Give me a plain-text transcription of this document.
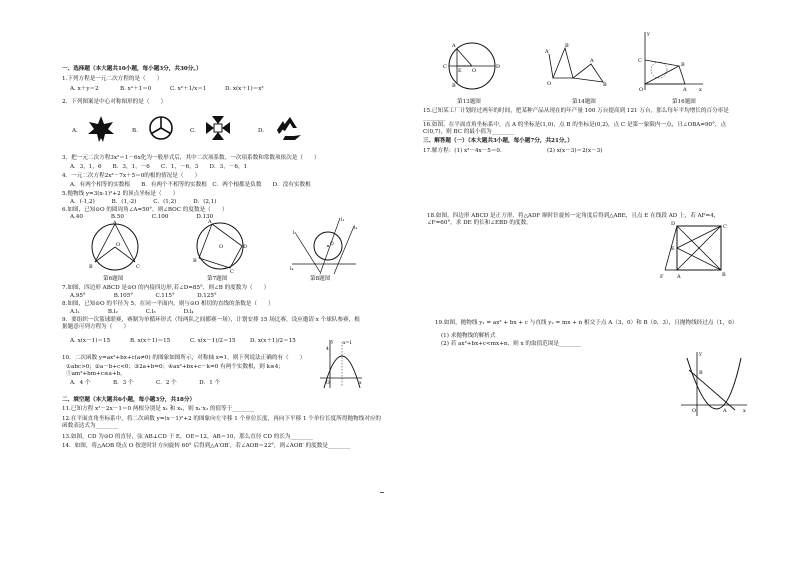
一、选择题（本大题共10小题，每小题3分，共30分。）
1.下列方程是一元二次方程的是（　　）
A. x＋y＝2	B. x²＋1＝0	C. x²＋1/x＝1	D. x(x＋1)＝x²
2．下列图案是中心对称图形的是（　　）
A.	B.	C.	D.
3．把一元二次方程3x²＝1－6x化为一般形式后，其中二次项系数、一次项系数和常数项依次是（　　）
A．3，1，6　　B．3，1，－6　　C．1，－6，3　　D．3，－6，1
4．一元二次方程2x²－7x＋5＝0的根的情况是（　　）
A．有两个相等的实数根　　B．有两个不相等的实数根　C．两个根都是负数　　D．没有实数根
5.抛物线 y=3(x-1)²+2 的顶点坐标是（　　）
A．(-1,2)　　　B．(1,-2)　　　C．(1,2)　　　D．(2,1)
6.如图，已知⊙O 的圆周角∠A=50°，则∠BOC 的度数是（　　）
A.40　　　　　B.50　　　　　C.100　　　　　D.130
A
O
B	C
第6题图
A
D
C
B
O
第7题图
l₁
l₂
l₃
l₄
O
第8题图
7.如图，四边形 ABCD 是⊙O 的内接四边形,若∠D=85°，则∠B 的度数为（　　）
A.95°　　　　　B.105°　　　　C.115°　　　　D.125°
8.如图，已知⊙O 的半径为 5，在同一平面内，则与⊙O 相切的直线的条数是（　　）
A.l₁　　　　　B.l₂　　　　　C.l₃　　　　　D.l₄
9．要组织一次篮球联赛，赛制为单循环形式（每两队之间都赛一场），计划安排 15 场比赛，设应邀请 x 个球队参赛，根据题意可列方程为（　　）
A. x(x－1)＝15	B. x(x＋1)＝15	C. x(x－1)/2＝15	D. x(x＋1)/2＝15
10．二次函数 y=ax²+bx+c(a≠0) 的图象如图所示，对称轴 x=1，则下列说法正确的有（　　）
①abc>0；②a－b+c<0；③2a+b=0；④ax²+bx+c－k=0 有两个实数根，则 k≤4；⑤am²+bm+c≤a+b。
A．4 个　　　　B．3 个　　　　C．2 个　　　　D．1 个
x=1
y
4
O	x
二、填空题（本大题共6小题，每小题3分，共18分）
11.已知方程 x²－2x－1＝0 两根分别是 x₁ 和 x₂，则 x₁·x₂ 的值等于________
12.在平面直角坐标系中，将二次函数 y=(x－1)²+2 的图象向左平移 1 个单位长度，再向下平移 1 个单位长度所得抛物线对应的函数表达式为________
13.如图，CD 为⊙O 的直径，弦 AB⊥CD 于 E，OE＝12，AB＝10，那么直径 CD 的长为________
14．如图，将△AOB 绕点 O 按逆时针方向旋转 60° 后得到△A′OB′，若∠AOB＝22°，则∠AOB′ 的度数是________
A
C	D
B
E O
第13题图
A′
B′
O
A
B
第14题图
y
C
B
O	A x
第16题图
15.已知某工厂计划经过两年的时间，把某种产品从现在的年产量 100 万台提高到 121 万台，那么每年平均增长的百分率是________
16.如图，在平面直角坐标系中，点 A 的坐标是(1,0)，点 B 的坐标是(0,2)，点 C 是第一象限内一点，且∠OBA=90°，点 C(0,7)，则 BC 的最小值为________
三、解答题（一）（本大题共3小题，每小题7分，共21分。）
17.解方程：(1) x²－4x－5＝0．	(2) x(x－3)＝2(x－3)
18.如图，四边形 ABCD 是正方形，将△ADF 顺时针旋转一定角度后得到△ABE，且点 E 在线段 AD 上，若 AF=4，∠F=60°，求 DE 的长和∠EBD 的度数。	D	C
E
F	A	B
19.如图，抛物线 y₁ = ax² + bx + c 与直线 y₂ = mx + n 相交于点 A（3，0）和 B（0，3），且抛物线经过点（1，0）
(1) 求抛物线的解析式
(2) 若 ax²+bx+c<mx+n，则 x 的取值范围是________
y
O	A
B
x
